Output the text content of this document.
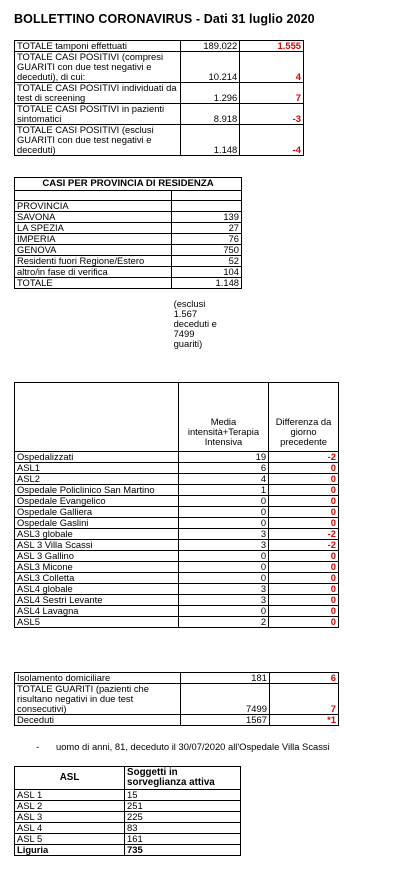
BOLLETTINO CORONAVIRUS - Dati 31 luglio 2020
TOTALE tamponi effettuati	189.022	1.555
TOTALE CASI POSITIVI (compresi GUARITI con due test negativi e deceduti), di cui:	10.214	4
TOTALE CASI POSITIVI individuati da test di screening	1.296	7
TOTALE CASI POSITIVI in pazienti sintomatici	8.918	-3
TOTALE CASI POSITIVI (esclusi GUARITI con due test negativi e deceduti)	1.148	-4
CASI PER PROVINCIA DI RESIDENZA	

PROVINCIA	
SAVONA	139
LA SPEZIA	27
IMPERIA	76
GENOVA	750
Residenti fuori Regione/Estero	52
altro/in fase di verifica	104
TOTALE	1.148

	(esclusi 1.567 deceduti e 7499 guariti)
	Media intensità+Terapia Intensiva	Differenza da giorno precedente
Ospedalizzati	19	-2
ASL1	6	0
ASL2	4	0
Ospedale Policlinico San Martino	1	0
Ospedale Evangelico	0	0
Ospedale Galliera	0	0
Ospedale Gaslini	0	0
ASL3 globale	3	-2
ASL 3 Villa Scassi	3	-2
ASL 3 Gallino	0	0
ASL3 Micone	0	0
ASL3 Colletta	0	0
ASL4 globale	3	0
ASL4 Sestri Levante	3	0
ASL4 Lavagna	0	0
ASL5	2	0
Isolamento domiciliare	181	6
TOTALE GUARITI (pazienti che risultano negativi in due test consecutivi)	7499	7
Deceduti	1567	*1
- uomo di anni, 81, deceduto il 30/07/2020 all'Ospedale Villa Scassi
ASL	Soggetti in sorveglianza attiva
ASL 1	15
ASL 2	251
ASL 3	225
ASL 4	83
ASL 5	161
Liguria	735
